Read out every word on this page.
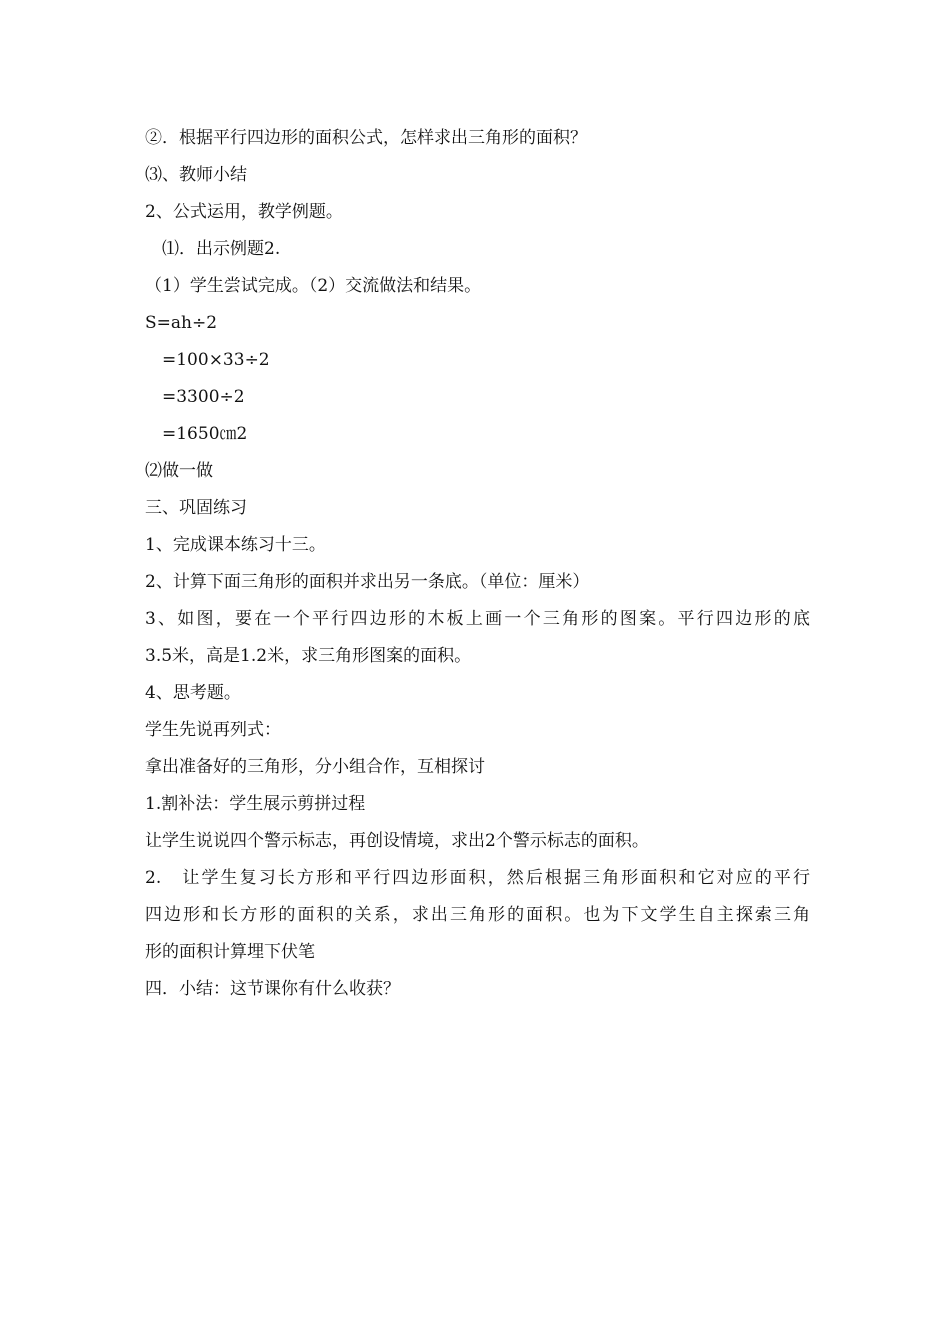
②．根据平行四边形的面积公式，怎样求出三角形的面积？
⑶、教师小结
2、公式运用，教学例题。
⑴．出示例题2.
（1）学生尝试完成。（2）交流做法和结果。
S=ah÷2
=100×33÷2
=3300÷2
=1650㎝2
⑵做一做
三、巩固练习
1、完成课本练习十三。
2、计算下面三角形的面积并求出另一条底。（单位：厘米）
3、如图，要在一个平行四边形的木板上画一个三角形的图案。平行四边形的底
3.5米，高是1.2米，求三角形图案的面积。
4、思考题。
学生先说再列式：
拿出准备好的三角形，分小组合作，互相探讨
1.割补法：学生展示剪拼过程
让学生说说四个警示标志，再创设情境，求出2个警示标志的面积。
2.　让学生复习长方形和平行四边形面积，然后根据三角形面积和它对应的平行
四边形和长方形的面积的关系，求出三角形的面积。也为下文学生自主探索三角
形的面积计算埋下伏笔
四．小结：这节课你有什么收获？
